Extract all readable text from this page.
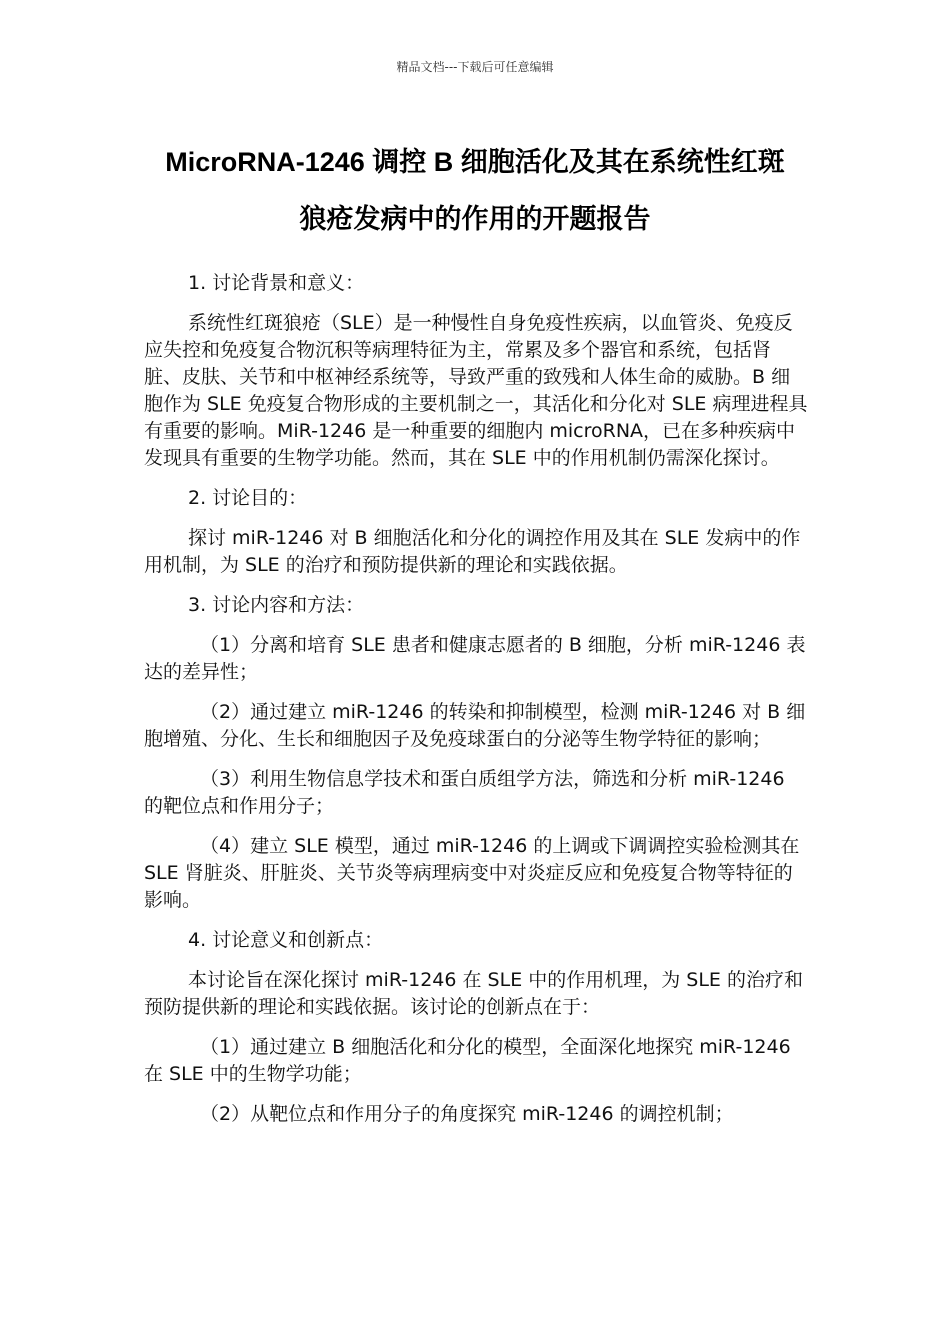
精品文档---下载后可任意编辑
MicroRNA-1246 调控 B 细胞活化及其在系统性红斑
狼疮发病中的作用的开题报告

1. 讨论背景和意义：

系统性红斑狼疮（SLE）是一种慢性自身免疫性疾病，以血管炎、免疫反应失控和免疫复合物沉积等病理特征为主，常累及多个器官和系统，包括肾脏、皮肤、关节和中枢神经系统等，导致严重的致残和人体生命的威胁。B 细胞作为 SLE 免疫复合物形成的主要机制之一，其活化和分化对 SLE 病理进程具有重要的影响。MiR-1246 是一种重要的细胞内 microRNA，已在多种疾病中发现具有重要的生物学功能。然而，其在 SLE 中的作用机制仍需深化探讨。

2. 讨论目的：

探讨 miR-1246 对 B 细胞活化和分化的调控作用及其在 SLE 发病中的作用机制，为 SLE 的治疗和预防提供新的理论和实践依据。

3. 讨论内容和方法：

（1）分离和培育 SLE 患者和健康志愿者的 B 细胞，分析 miR-1246 表达的差异性；

（2）通过建立 miR-1246 的转染和抑制模型，检测 miR-1246 对 B 细胞增殖、分化、生长和细胞因子及免疫球蛋白的分泌等生物学特征的影响；

（3）利用生物信息学技术和蛋白质组学方法，筛选和分析 miR-1246 的靶位点和作用分子；

（4）建立 SLE 模型，通过 miR-1246 的上调或下调调控实验检测其在 SLE 肾脏炎、肝脏炎、关节炎等病理病变中对炎症反应和免疫复合物等特征的影响。

4. 讨论意义和创新点：

本讨论旨在深化探讨 miR-1246 在 SLE 中的作用机理，为 SLE 的治疗和预防提供新的理论和实践依据。该讨论的创新点在于：

（1）通过建立 B 细胞活化和分化的模型，全面深化地探究 miR-1246 在 SLE 中的生物学功能；

（2）从靶位点和作用分子的角度探究 miR-1246 的调控机制；
